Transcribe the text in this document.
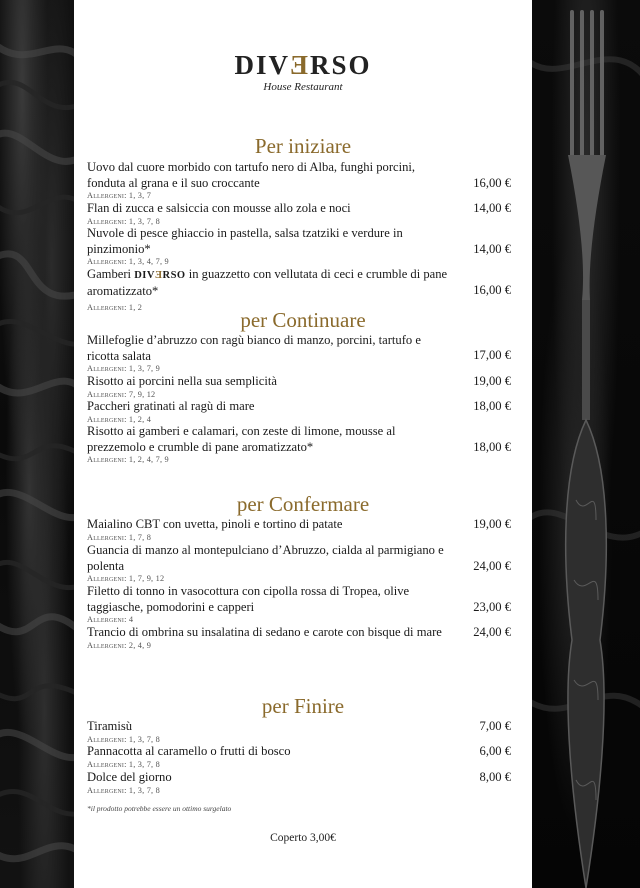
DIVƎRSO
House Restaurant
Per iniziare
Uovo dal cuore morbido con tartufo nero di Alba, funghi porcini, fonduta al grana e il suo croccante	16,00 €
Allergeni: 1, 3, 7
Flan di zucca e salsiccia con mousse allo zola e noci	14,00 €
Allergeni: 1, 3, 7, 8
Nuvole di pesce ghiaccio in pastella, salsa tzatziki e verdure in pinzimonio*	14,00 €
Allergeni: 1, 3, 4, 7, 9
Gamberi DIVƎRSO in guazzetto con vellutata di ceci e crumble di pane aromatizzato*	16,00 €
Allergeni: 1, 2
per Continuare
Millefoglie d’abruzzo con ragù bianco di manzo, porcini, tartufo e ricotta salata	17,00 €
Allergeni: 1, 3, 7, 9
Risotto ai porcini nella sua semplicità	19,00 €
Allergeni: 7, 9, 12
Paccheri gratinati al ragù di mare	18,00 €
Allergeni: 1, 2, 4
Risotto ai gamberi e calamari, con zeste di limone, mousse al prezzemolo e crumble di pane aromatizzato*	18,00 €
Allergeni: 1, 2, 4, 7, 9
per Confermare
Maialino CBT con uvetta, pinoli e tortino di patate	19,00 €
Allergeni: 1, 7, 8
Guancia di manzo al montepulciano d’Abruzzo, cialda al parmigiano e polenta	24,00 €
Allergeni: 1, 7, 9, 12
Filetto di tonno in vasocottura con cipolla rossa di Tropea, olive taggiasche, pomodorini e capperi	23,00 €
Allergeni: 4
Trancio di ombrina su insalatina di sedano e carote con bisque di mare	24,00 €
Allergeni: 2, 4, 9
per Finire
Tiramisù	7,00 €
Allergeni: 1, 3, 7, 8
Pannacotta al caramello o frutti di bosco	6,00 €
Allergeni: 1, 3, 7, 8
Dolce del giorno	8,00 €
Allergeni: 1, 3, 7, 8
*il prodotto potrebbe essere un ottimo surgelato
Coperto 3,00€
